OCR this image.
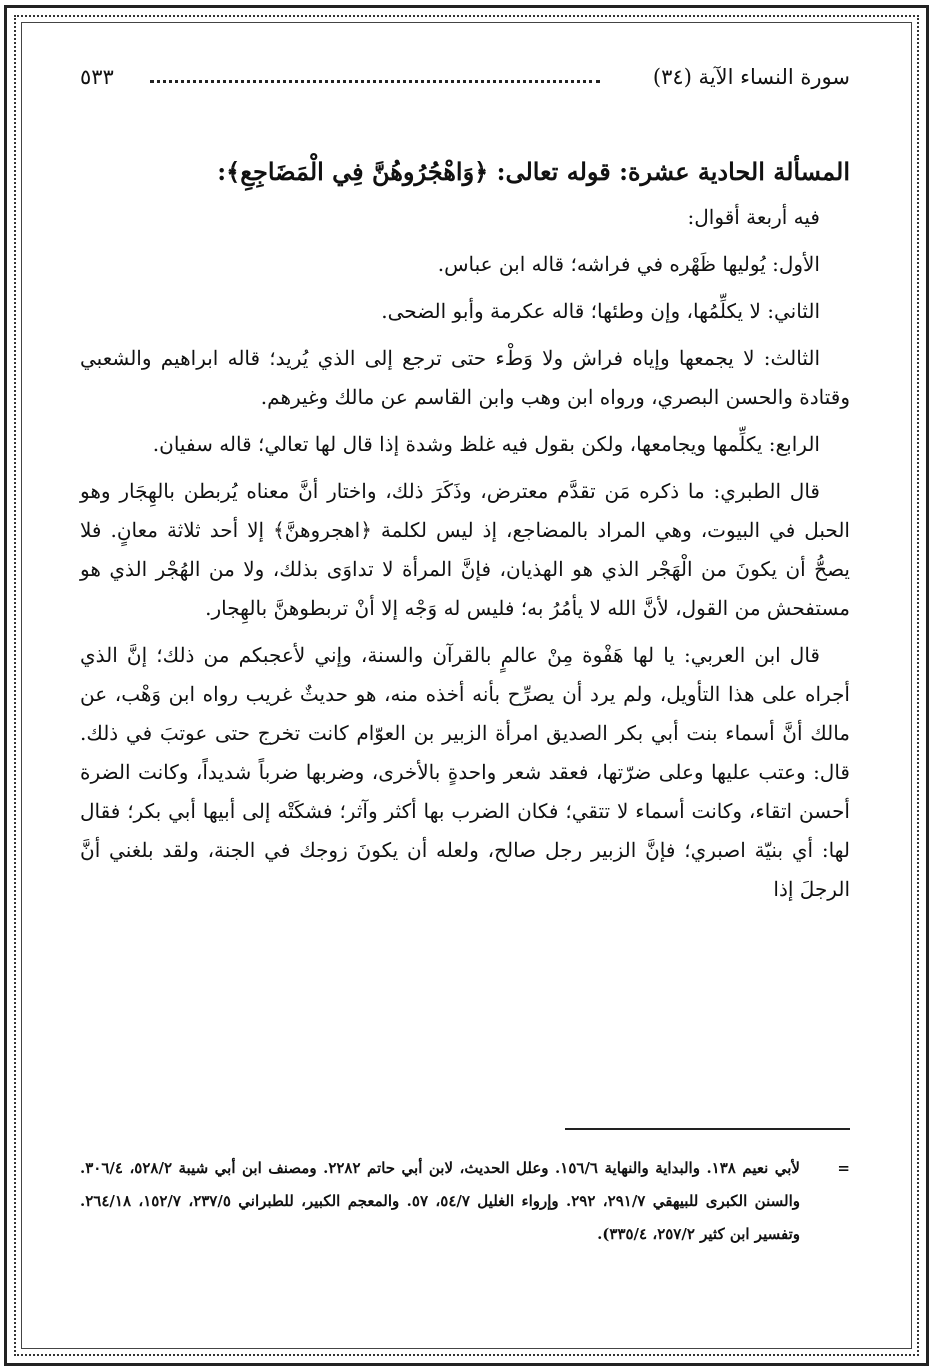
سورة النساء الآية (٣٤)
٥٣٣
المسألة الحادية عشرة: قوله تعالى: ﴿وَاهْجُرُوهُنَّ فِي الْمَضَاجِعِ﴾:

فيه أربعة أقوال:

الأول: يُوليها ظَهْره في فراشه؛ قاله ابن عباس.

الثاني: لا يكلِّمُها، وإن وطئها؛ قاله عكرمة وأبو الضحى.

الثالث: لا يجمعها وإياه فراش ولا وَطْء حتى ترجع إلى الذي يُريد؛ قاله ابراهيم والشعبي وقتادة والحسن البصري، ورواه ابن وهب وابن القاسم عن مالك وغيرهم.

الرابع: يكلِّمها ويجامعها، ولكن بقول فيه غلظ وشدة إذا قال لها تعالي؛ قاله سفيان.

قال الطبري: ما ذكره مَن تقدَّم معترض، وذَكَرَ ذلك، واختار أنَّ معناه يُربطن بالهِجَار وهو الحبل في البيوت، وهي المراد بالمضاجع، إذ ليس لكلمة ﴿اهجروهنَّ﴾ إلا أحد ثلاثة معانٍ. فلا يصحُّ أن يكونَ من الْهَجْر الذي هو الهذيان، فإنَّ المرأة لا تداوَى بذلك، ولا من الهُجْر الذي هو مستفحش من القول، لأنَّ الله لا يأمُرُ به؛ فليس له وَجْه إلا أنْ تربطوهنَّ بالهِجار.

قال ابن العربي: يا لها هَفْوة مِنْ عالمٍ بالقرآن والسنة، وإني لأعجبكم من ذلك؛ إنَّ الذي أجراه على هذا التأويل، ولم يرد أن يصرِّح بأنه أخذه منه، هو حديثٌ غريب رواه ابن وَهْب، عن مالك أنَّ أسماء بنت أبي بكر الصديق امرأة الزبير بن العوّام كانت تخرج حتى عوتبَ في ذلك. قال: وعتب عليها وعلى ضرّتها، فعقد شعر واحدةٍ بالأخرى، وضربها ضرباً شديداً، وكانت الضرة أحسن اتقاء، وكانت أسماء لا تتقي؛ فكان الضرب بها أكثر وآثر؛ فشكَتْه إلى أبيها أبي بكر؛ فقال لها: أي بنيّة اصبري؛ فإنَّ الزبير رجل صالح، ولعله أن يكونَ زوجك في الجنة، ولقد بلغني أنَّ الرجلَ إذا

=
لأبي نعيم ١٣٨. والبداية والنهاية ١٥٦/٦. وعلل الحديث، لابن أبي حاتم ٢٢٨٢. ومصنف ابن أبي شيبة ٥٢٨/٢، ٣٠٦/٤. والسنن الكبرى للبيهقي ٢٩١/٧، ٢٩٢. وإرواء الغليل ٥٤/٧، ٥٧. والمعجم الكبير، للطبراني ٢٣٧/٥، ١٥٢/٧، ٢٦٤/١٨. وتفسير ابن كثير ٢٥٧/٢، ٣٣٥/٤).
